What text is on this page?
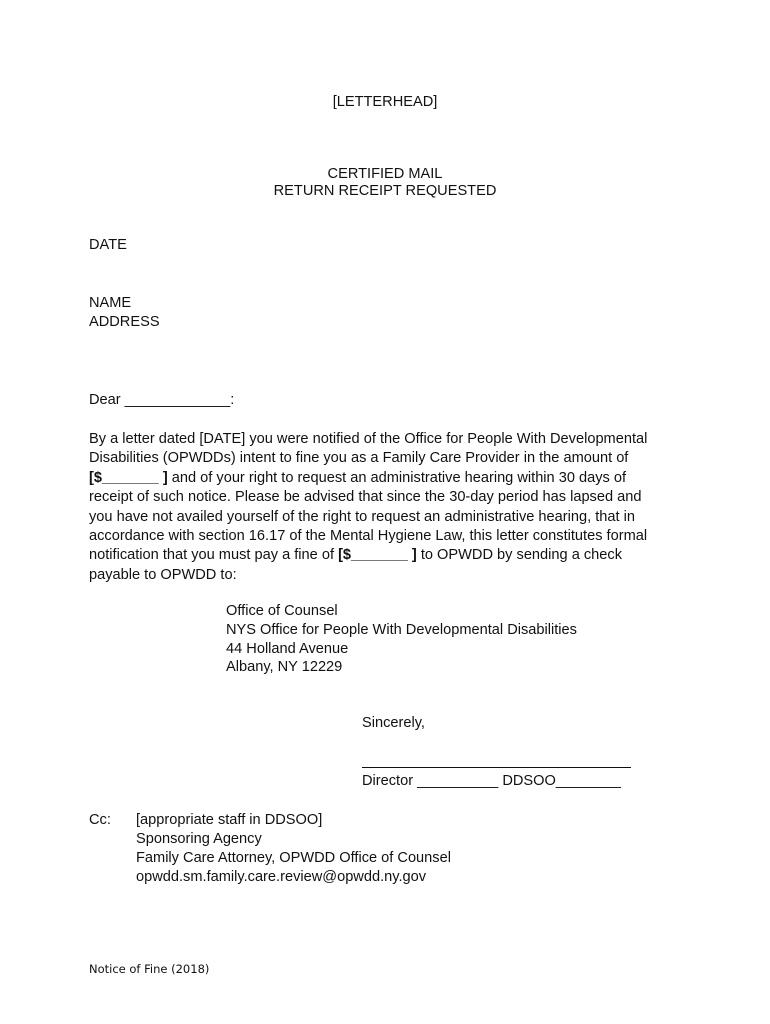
[LETTERHEAD]
CERTIFIED MAIL
RETURN RECEIPT REQUESTED
DATE
NAME
ADDRESS
Dear _____________:
By a letter dated [DATE] you were notified of the Office for People With Developmental
Disabilities (OPWDDs) intent to fine you as a Family Care Provider in the amount of
[$_______ ] and of your right to request an administrative hearing within 30 days of
receipt of such notice. Please be advised that since the 30-day period has lapsed and
you have not availed yourself of the right to request an administrative hearing, that in
accordance with section 16.17 of the Mental Hygiene Law, this letter constitutes formal
notification that you must pay a fine of [$_______ ] to OPWDD by sending a check
payable to OPWDD to:
Office of Counsel
NYS Office for People With Developmental Disabilities
44 Holland Avenue
Albany, NY 12229
Sincerely,
Director __________ DDSOO________
Cc: [appropriate staff in DDSOO]
Sponsoring Agency
Family Care Attorney, OPWDD Office of Counsel
opwdd.sm.family.care.review@opwdd.ny.gov
Notice of Fine (2018)
